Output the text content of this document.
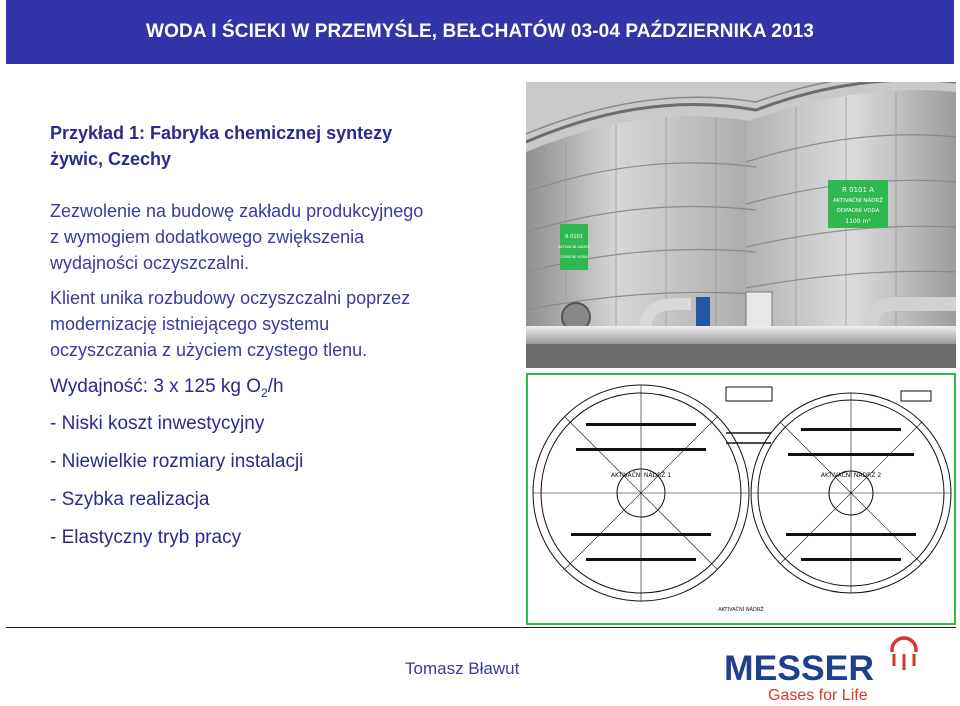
WODA I ŚCIEKI W PRZEMYŚLE, BEŁCHATÓW 03-04 PAŹDZIERNIKA 2013
Przykład 1: Fabryka chemicznej syntezy
żywic, Czechy
Zezwolenie na budowę zakładu produkcyjnego
z wymogiem dodatkowego zwiększenia
wydajności oczyszczalni.
Klient unika rozbudowy oczyszczalni poprzez
modernizację istniejącego systemu
oczyszczania z użyciem czystego tlenu.
Wydajność: 3 x 125 kg $O_2/h$
- Niski koszt inwestycyjny
- Niewielkie rozmiary instalacji
- Szybka realizacja
- Elastyczny tryb pracy
R 0101
AKTIVAČNÍ NÁDRŽ
ODPADNÍ VODA
R 0101 A
AKTIVAČNÍ NÁDRŽ
ODPADNÍ VODA
1100 m³
AKTIVAČNÍ NÁDRŽ 1	AKTIVAČNÍ NÁDRŽ 2
AKTIVAČNÍ NÁDRŽ
Tomasz Bławut	MESSER
Gases for Life
